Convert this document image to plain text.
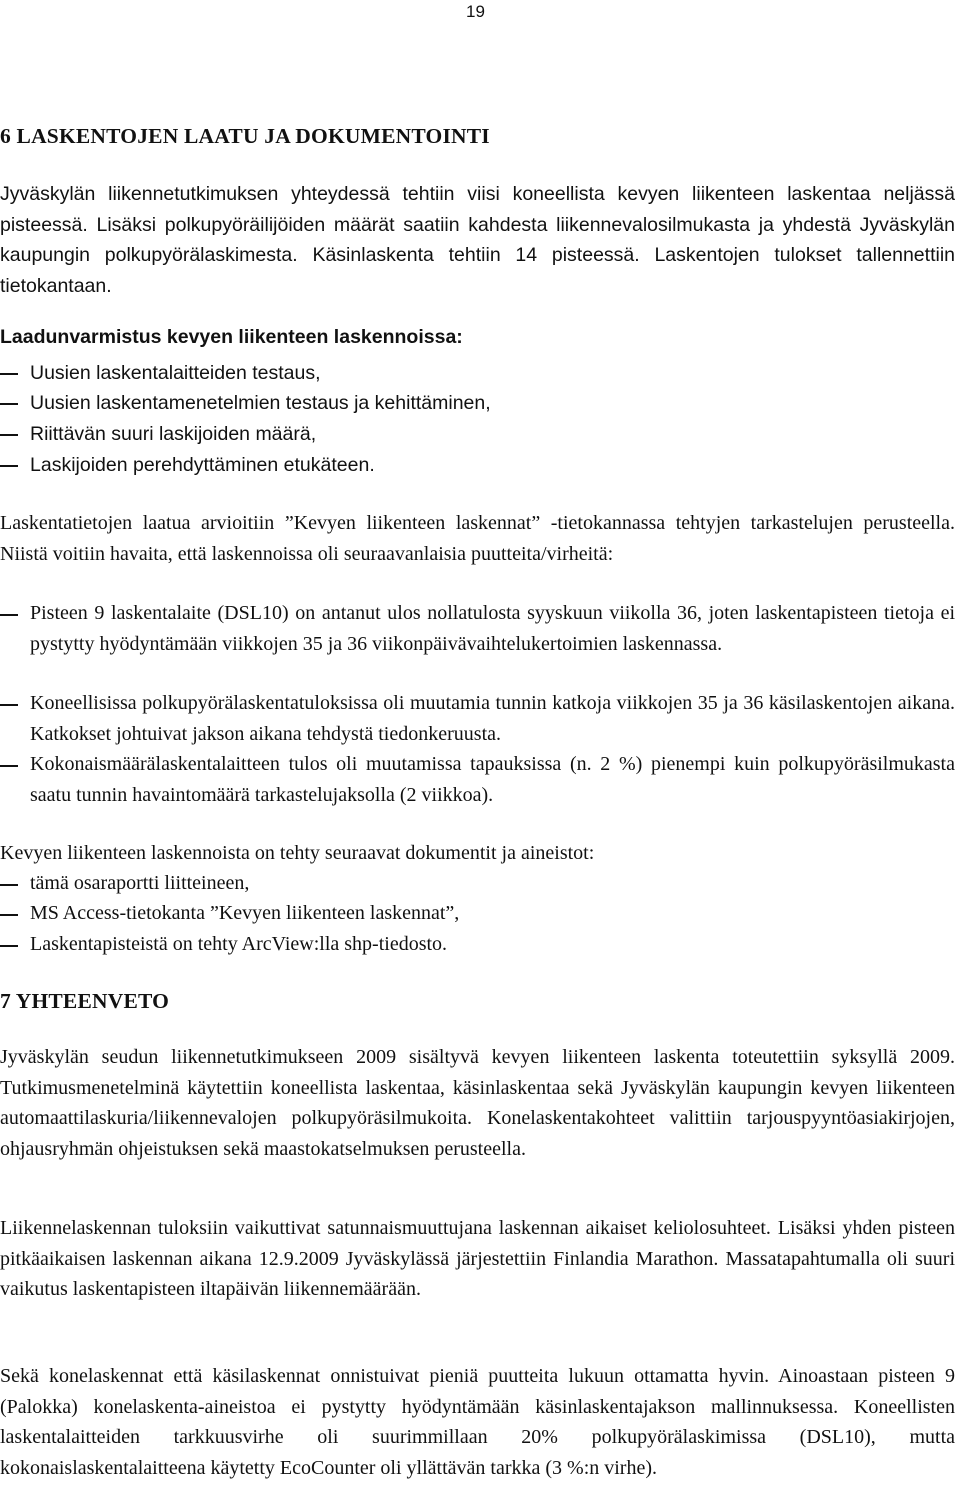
19
6 LASKENTOJEN LAATU JA DOKUMENTOINTI
Jyväskylän liikennetutkimuksen yhteydessä tehtiin viisi koneellista kevyen liikenteen laskentaa neljässä pisteessä. Lisäksi polkupyöräilijöiden määrät saatiin kahdesta liikennevalosilmukasta ja yhdestä Jyväskylän kaupungin polkupyörälaskimesta. Käsinlaskenta tehtiin 14 pisteessä. Laskentojen tulokset tallennettiin tietokantaan.
Laadunvarmistus kevyen liikenteen laskennoissa:
Uusien laskentalaitteiden testaus,
Uusien laskentamenetelmien testaus ja kehittäminen,
Riittävän suuri laskijoiden määrä,
Laskijoiden perehdyttäminen etukäteen.
Laskentatietojen laatua arvioitiin ”Kevyen liikenteen laskennat” -tietokannassa tehtyjen tarkastelujen perusteella. Niistä voitiin havaita, että laskennoissa oli seuraavanlaisia puutteita/virheitä:
Pisteen 9 laskentalaite (DSL10) on antanut ulos nollatulosta syyskuun viikolla 36, joten laskentapisteen tietoja ei pystytty hyödyntämään viikkojen 35 ja 36 viikonpäivävaihtelukertoimien laskennassa.
Koneellisissa polkupyörälaskentatuloksissa oli muutamia tunnin katkoja viikkojen 35 ja 36 käsilaskentojen aikana. Katkokset johtuivat jakson aikana tehdystä tiedonkeruusta.
Kokonaismäärälaskentalaitteen tulos oli muutamissa tapauksissa (n. 2 %) pienempi kuin polkupyöräsilmukasta saatu tunnin havaintomäärä tarkastelujaksolla (2 viikkoa).
Kevyen liikenteen laskennoista on tehty seuraavat dokumentit ja aineistot:
tämä osaraportti liitteineen,
MS Access-tietokanta ”Kevyen liikenteen laskennat”,
Laskentapisteistä on tehty ArcView:lla shp-tiedosto.
7 YHTEENVETO
Jyväskylän seudun liikennetutkimukseen 2009 sisältyvä kevyen liikenteen laskenta toteutettiin syksyllä 2009. Tutkimusmenetelminä käytettiin koneellista laskentaa, käsinlaskentaa sekä Jyväskylän kaupungin kevyen liikenteen automaattilaskuria/liikennevalojen polkupyöräsilmukoita. Konelaskentakohteet valittiin tarjouspyyntöasiakirjojen, ohjausryhmän ohjeistuksen sekä maastokatselmuksen perusteella.
Liikennelaskennan tuloksiin vaikuttivat satunnaismuuttujana laskennan aikaiset keliolosuhteet. Lisäksi yhden pisteen pitkäaikaisen laskennan aikana 12.9.2009 Jyväskylässä järjestettiin Finlandia Marathon. Massatapahtumalla oli suuri vaikutus laskentapisteen iltapäivän liikennemäärään.
Sekä konelaskennat että käsilaskennat onnistuivat pieniä puutteita lukuun ottamatta hyvin. Ainoastaan pisteen 9 (Palokka) konelaskenta-aineistoa ei pystytty hyödyntämään käsinlaskentajakson mallinnuksessa. Koneellisten laskentalaitteiden tarkkuusvirhe oli suurimmillaan 20% polkupyörälaskimissa (DSL10), mutta kokonaislaskentalaitteena käytetty EcoCounter oli yllättävän tarkka (3 %:n virhe).
